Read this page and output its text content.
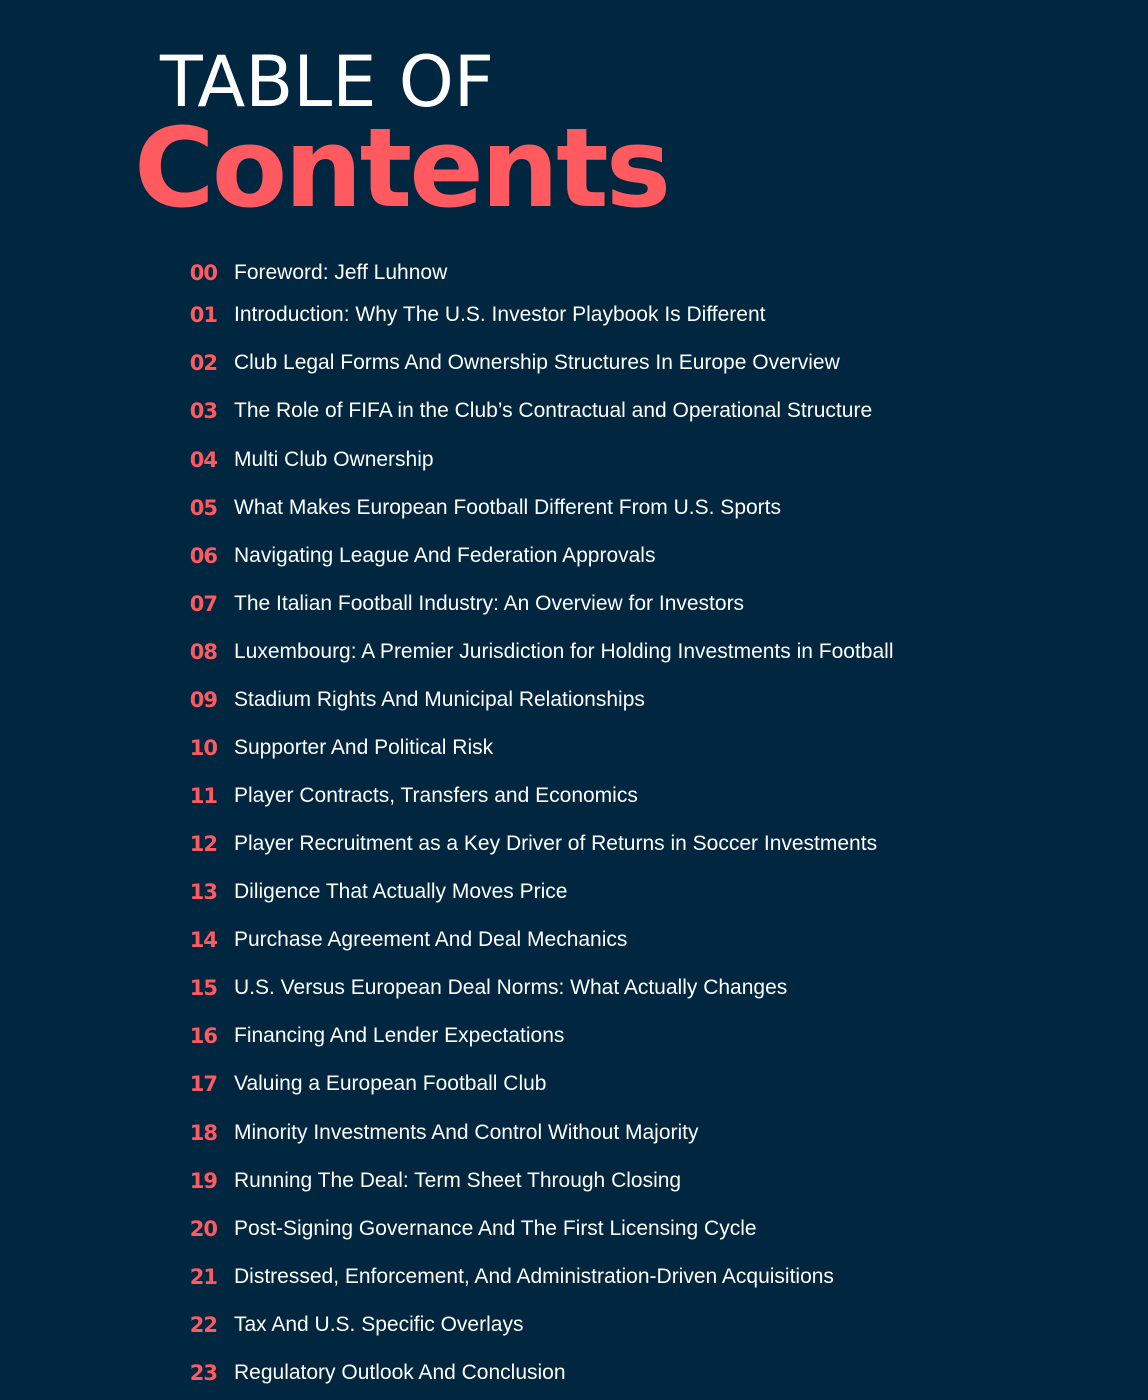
TABLE OF
Contents
00 Foreword: Jeff Luhnow
01 Introduction: Why The U.S. Investor Playbook Is Different
02 Club Legal Forms And Ownership Structures In Europe Overview
03 The Role of FIFA in the Club’s Contractual and Operational Structure
04 Multi Club Ownership
05 What Makes European Football Different From U.S. Sports
06 Navigating League And Federation Approvals
07 The Italian Football Industry: An Overview for Investors
08 Luxembourg: A Premier Jurisdiction for Holding Investments in Football
09 Stadium Rights And Municipal Relationships
10 Supporter And Political Risk
11 Player Contracts, Transfers and Economics
12 Player Recruitment as a Key Driver of Returns in Soccer Investments
13 Diligence That Actually Moves Price
14 Purchase Agreement And Deal Mechanics
15 U.S. Versus European Deal Norms: What Actually Changes
16 Financing And Lender Expectations
17 Valuing a European Football Club
18 Minority Investments And Control Without Majority
19 Running The Deal: Term Sheet Through Closing
20 Post-Signing Governance And The First Licensing Cycle
21 Distressed, Enforcement, And Administration-Driven Acquisitions
22 Tax And U.S. Specific Overlays
23 Regulatory Outlook And Conclusion
